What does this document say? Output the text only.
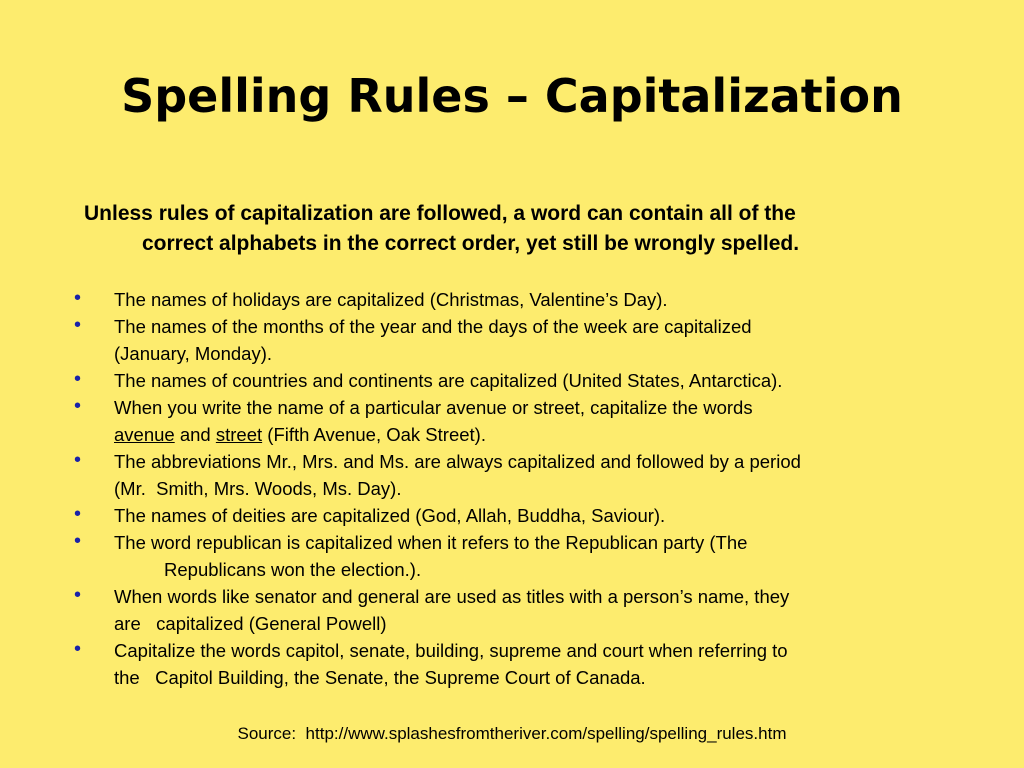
Spelling Rules – Capitalization
Unless rules of capitalization are followed, a word can contain all of the
correct alphabets in the correct order, yet still be wrongly spelled.
• The names of holidays are capitalized (Christmas, Valentine’s Day).
• The names of the months of the year and the days of the week are capitalized
(January, Monday).
• The names of countries and continents are capitalized (United States, Antarctica).
• When you write the name of a particular avenue or street, capitalize the words
avenue and street (Fifth Avenue, Oak Street).
• The abbreviations Mr., Mrs. and Ms. are always capitalized and followed by a period
(Mr.  Smith, Mrs. Woods, Ms. Day).
• The names of deities are capitalized (God, Allah, Buddha, Saviour).
• The word republican is capitalized when it refers to the Republican party (The
Republicans won the election.).
• When words like senator and general are used as titles with a person’s name, they
are   capitalized (General Powell)
• Capitalize the words capitol, senate, building, supreme and court when referring to
the   Capitol Building, the Senate, the Supreme Court of Canada.
Source:  http://www.splashesfromtheriver.com/spelling/spelling_rules.htm
